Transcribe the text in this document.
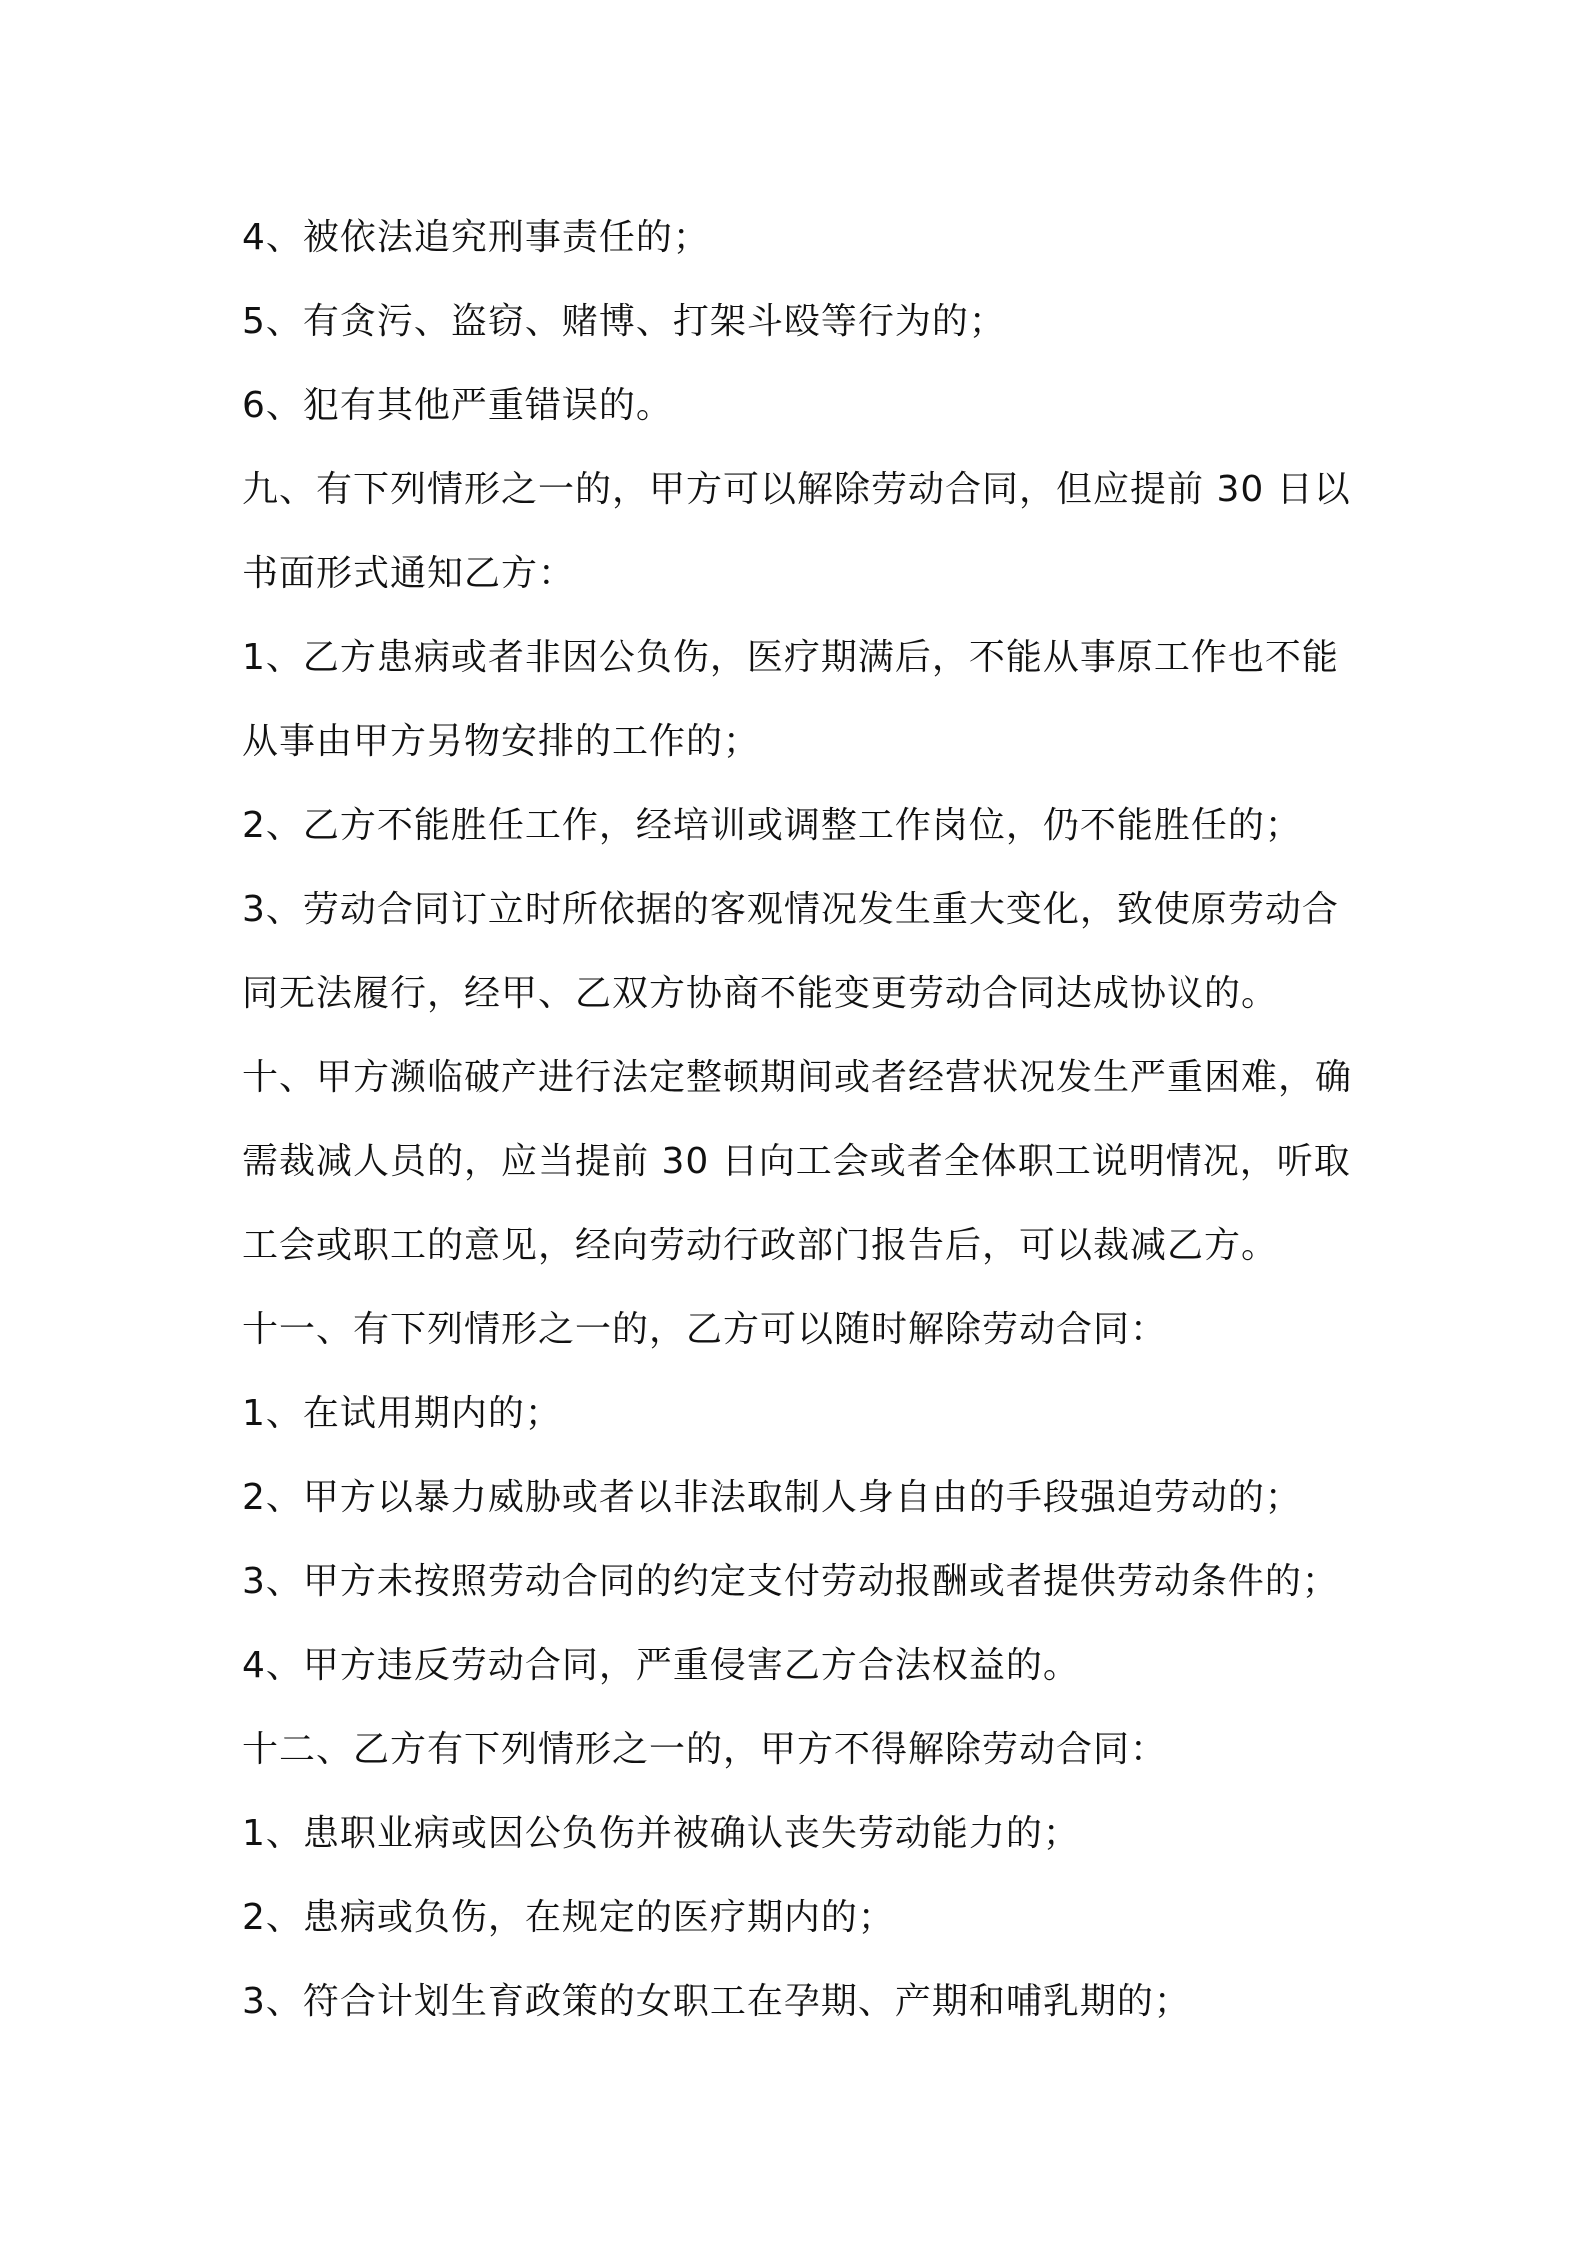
4、被依法追究刑事责任的；
5、有贪污、盗窃、赌博、打架斗殴等行为的；
6、犯有其他严重错误的。
九、有下列情形之一的，甲方可以解除劳动合同，但应提前 30 日以
书面形式通知乙方：
1、乙方患病或者非因公负伤，医疗期满后，不能从事原工作也不能
从事由甲方另物安排的工作的；
2、乙方不能胜任工作，经培训或调整工作岗位，仍不能胜任的；
3、劳动合同订立时所依据的客观情况发生重大变化，致使原劳动合
同无法履行，经甲、乙双方协商不能变更劳动合同达成协议的。
十、甲方濒临破产进行法定整顿期间或者经营状况发生严重困难，确
需裁减人员的，应当提前 30 日向工会或者全体职工说明情况，听取
工会或职工的意见，经向劳动行政部门报告后，可以裁减乙方。
十一、有下列情形之一的，乙方可以随时解除劳动合同：
1、在试用期内的；
2、甲方以暴力威胁或者以非法取制人身自由的手段强迫劳动的；
3、甲方未按照劳动合同的约定支付劳动报酬或者提供劳动条件的；
4、甲方违反劳动合同，严重侵害乙方合法权益的。
十二、乙方有下列情形之一的，甲方不得解除劳动合同：
1、患职业病或因公负伤并被确认丧失劳动能力的；
2、患病或负伤，在规定的医疗期内的；
3、符合计划生育政策的女职工在孕期、产期和哺乳期的；
